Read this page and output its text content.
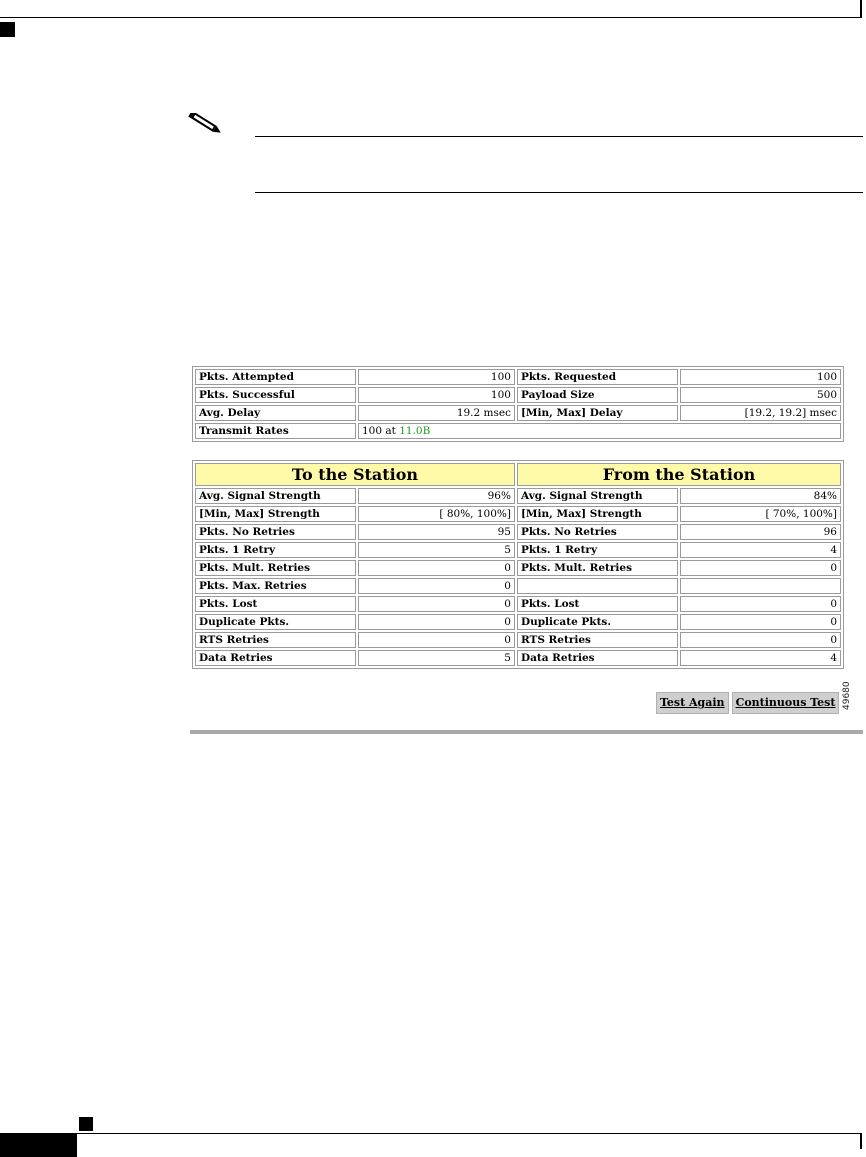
Pkts. Attempted	100	Pkts. Requested	100
Pkts. Successful	100	Payload Size	500
Avg. Delay	19.2 msec	[Min, Max] Delay	[19.2, 19.2] msec
Transmit Rates	100 at 11.0B		
To the Station		From the Station	
Avg. Signal Strength	96%	Avg. Signal Strength	84%
[Min, Max] Strength	[ 80%, 100%]	[Min, Max] Strength	[ 70%, 100%]
Pkts. No Retries	95	Pkts. No Retries	96
Pkts. 1 Retry	5	Pkts. 1 Retry	4
Pkts. Mult. Retries	0	Pkts. Mult. Retries	0
Pkts. Max. Retries	0		
Pkts. Lost	0	Pkts. Lost	0
Duplicate Pkts.	0	Duplicate Pkts.	0
RTS Retries	0	RTS Retries	0
Data Retries	5	Data Retries	4
Test Again	Continuous Test 49680
